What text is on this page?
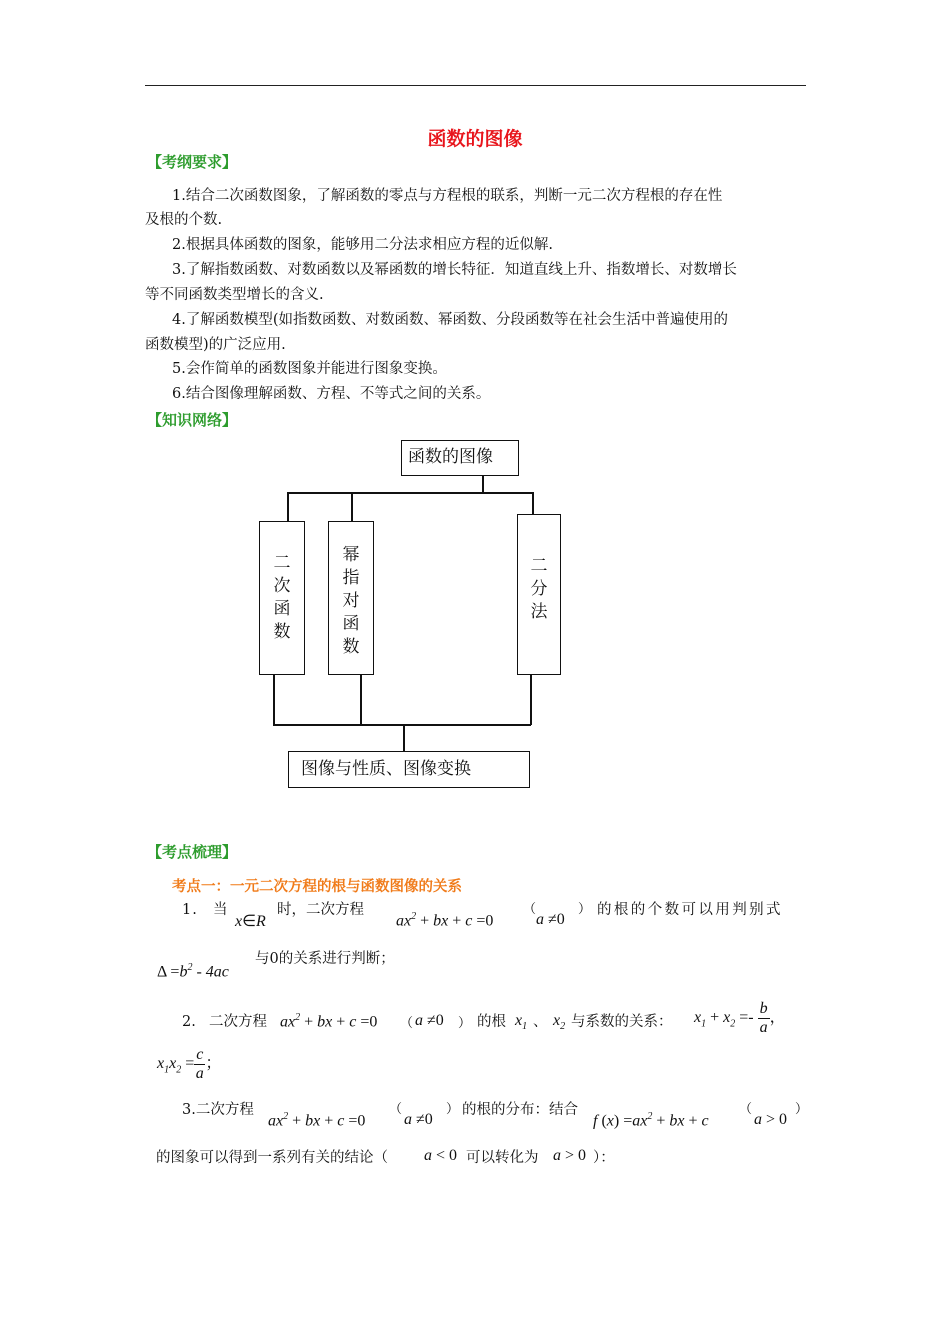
函数的图像
【考纲要求】
1.结合二次函数图象，了解函数的零点与方程根的联系，判断一元二次方程根的存在性
及根的个数.
2.根据具体函数的图象，能够用二分法求相应方程的近似解.
3.了解指数函数、对数函数以及幂函数的增长特征．知道直线上升、指数增长、对数增长
等不同函数类型增长的含义.
4.了解函数模型(如指数函数、对数函数、幂函数、分段函数等在社会生活中普遍使用的
函数模型)的广泛应用.
5.会作简单的函数图象并能进行图象变换。
6.结合图像理解函数、方程、不等式之间的关系。
【知识网络】
函数的图像
二
次
函
数
幂
指
对
函
数
二
分
法
图像与性质、图像变换
【考点梳理】
考点一：一元二次方程的根与函数图像的关系
1. 当
x∈R
时，二次方程
$ax^2$ + bx + c =0
（
a ≠0
） 的根的个数可以用判别式
$\Delta =b^2 - 4ac$
与0的关系进行判断；
2. 二次方程 $ax^2$ + bx + c =0 （ a ≠0 ） 的根 $x_1$ 、 $x_2$ 与系数的关系： $x_1 + x_2 =- \frac{b}{a}$ ，
$x_1x_2 = \frac{c}{a}$ ；
3.二次方程
$ax^2$ + bx + c =0
（
a ≠0
） 的根的分布：结合
f $(x) =ax^2$ + bx + c
（
a > 0
）
的图象可以得到一系列有关的结论（ a < 0 可以转化为 a > 0 ）：
